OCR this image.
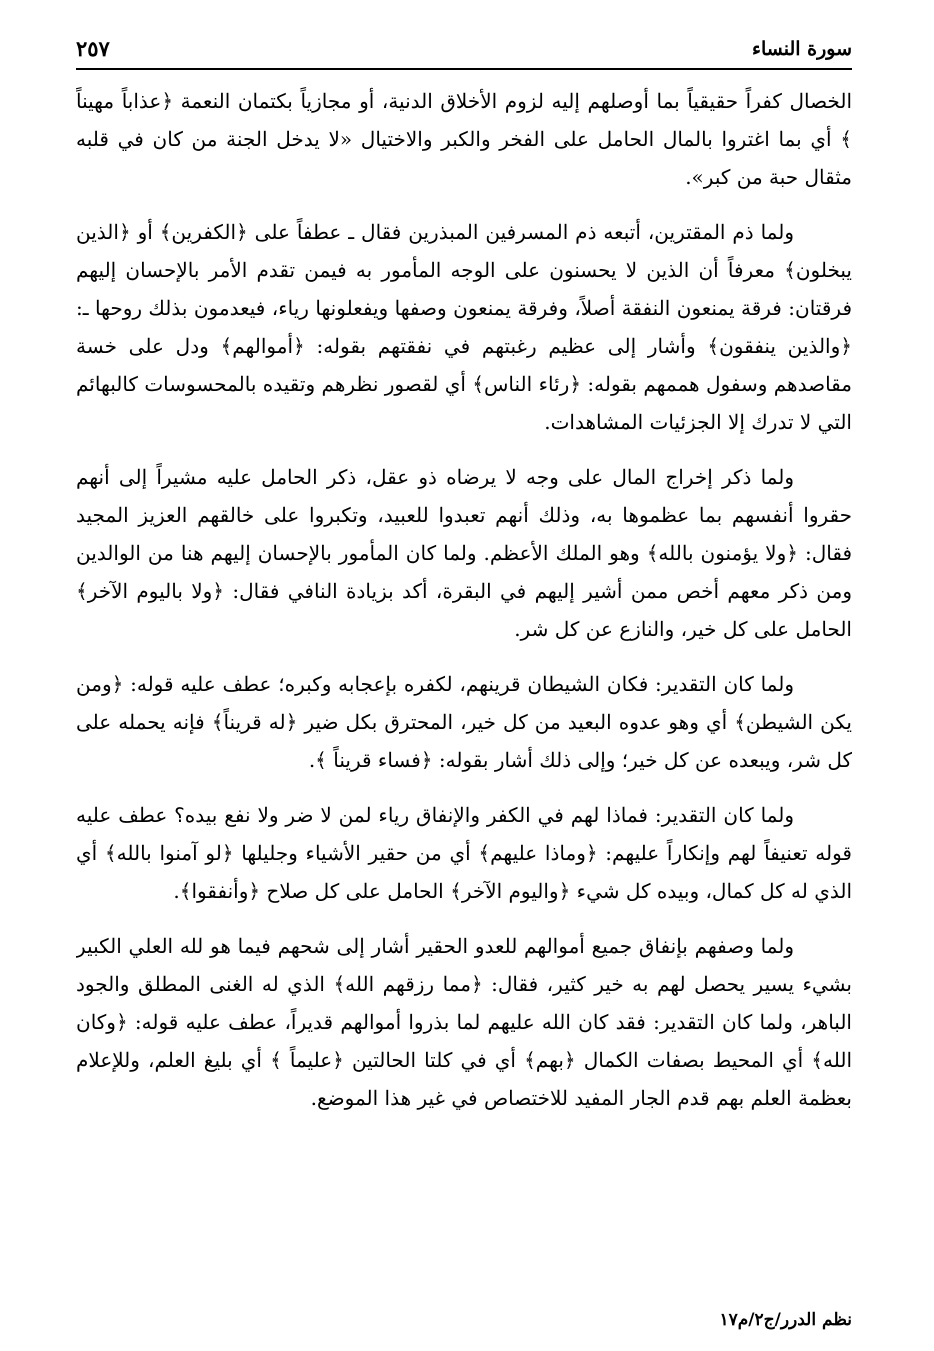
سورة النساء
٢٥٧

الخصال كفراً حقيقياً بما أوصلهم إليه لزوم الأخلاق الدنية، أو مجازياً بكتمان النعمة ﴿عذاباً مهيناً ﴾ أي بما اغتروا بالمال الحامل على الفخر والكبر والاختيال «لا يدخل الجنة من كان في قلبه مثقال حبة من كبر».

ولما ذم المقترين، أتبعه ذم المسرفين المبذرين فقال ـ عطفاً على ﴿الكفرين﴾ أو ﴿الذين يبخلون﴾ معرفاً أن الذين لا يحسنون على الوجه المأمور به فيمن تقدم الأمر بالإحسان إليهم فرقتان: فرقة يمنعون النفقة أصلاً، وفرقة يمنعون وصفها ويفعلونها رياء، فيعدمون بذلك روحها ـ: ﴿والذين ينفقون﴾ وأشار إلى عظيم رغبتهم في نفقتهم بقوله: ﴿أموالهم﴾ ودل على خسة مقاصدهم وسفول هممهم بقوله: ﴿رئاء الناس﴾ أي لقصور نظرهم وتقيده بالمحسوسات كالبهائم التي لا تدرك إلا الجزئيات المشاهدات.

ولما ذكر إخراج المال على وجه لا يرضاه ذو عقل، ذكر الحامل عليه مشيراً إلى أنهم حقروا أنفسهم بما عظموها به، وذلك أنهم تعبدوا للعبيد، وتكبروا على خالقهم العزيز المجيد فقال: ﴿ولا يؤمنون بالله﴾ وهو الملك الأعظم. ولما كان المأمور بالإحسان إليهم هنا من الوالدين ومن ذكر معهم أخص ممن أشير إليهم في البقرة، أكد بزيادة النافي فقال: ﴿ولا باليوم الآخر﴾ الحامل على كل خير، والنازع عن كل شر.

ولما كان التقدير: فكان الشيطان قرينهم، لكفره بإعجابه وكبره؛ عطف عليه قوله: ﴿ومن يكن الشيطن﴾ أي وهو عدوه البعيد من كل خير، المحترق بكل ضير ﴿له قريناً﴾ فإنه يحمله على كل شر، ويبعده عن كل خير؛ وإلى ذلك أشار بقوله: ﴿فساء قريناً ﴾.

ولما كان التقدير: فماذا لهم في الكفر والإنفاق رياء لمن لا ضر ولا نفع بيده؟ عطف عليه قوله تعنيفاً لهم وإنكاراً عليهم: ﴿وماذا عليهم﴾ أي من حقير الأشياء وجليلها ﴿لو آمنوا بالله﴾ أي الذي له كل كمال، وبيده كل شيء ﴿واليوم الآخر﴾ الحامل على كل صلاح ﴿وأنفقوا﴾.

ولما وصفهم بإنفاق جميع أموالهم للعدو الحقير أشار إلى شحهم فيما هو لله العلي الكبير بشيء يسير يحصل لهم به خير كثير، فقال: ﴿مما رزقهم الله﴾ الذي له الغنى المطلق والجود الباهر، ولما كان التقدير: فقد كان الله عليهم لما بذروا أموالهم قديراً، عطف عليه قوله: ﴿وكان الله﴾ أي المحيط بصفات الكمال ﴿بهم﴾ أي في كلتا الحالتين ﴿عليماً ﴾ أي بليغ العلم، وللإعلام بعظمة العلم بهم قدم الجار المفيد للاختصاص في غير هذا الموضع.

نظم الدرر/ج٢/م١٧
